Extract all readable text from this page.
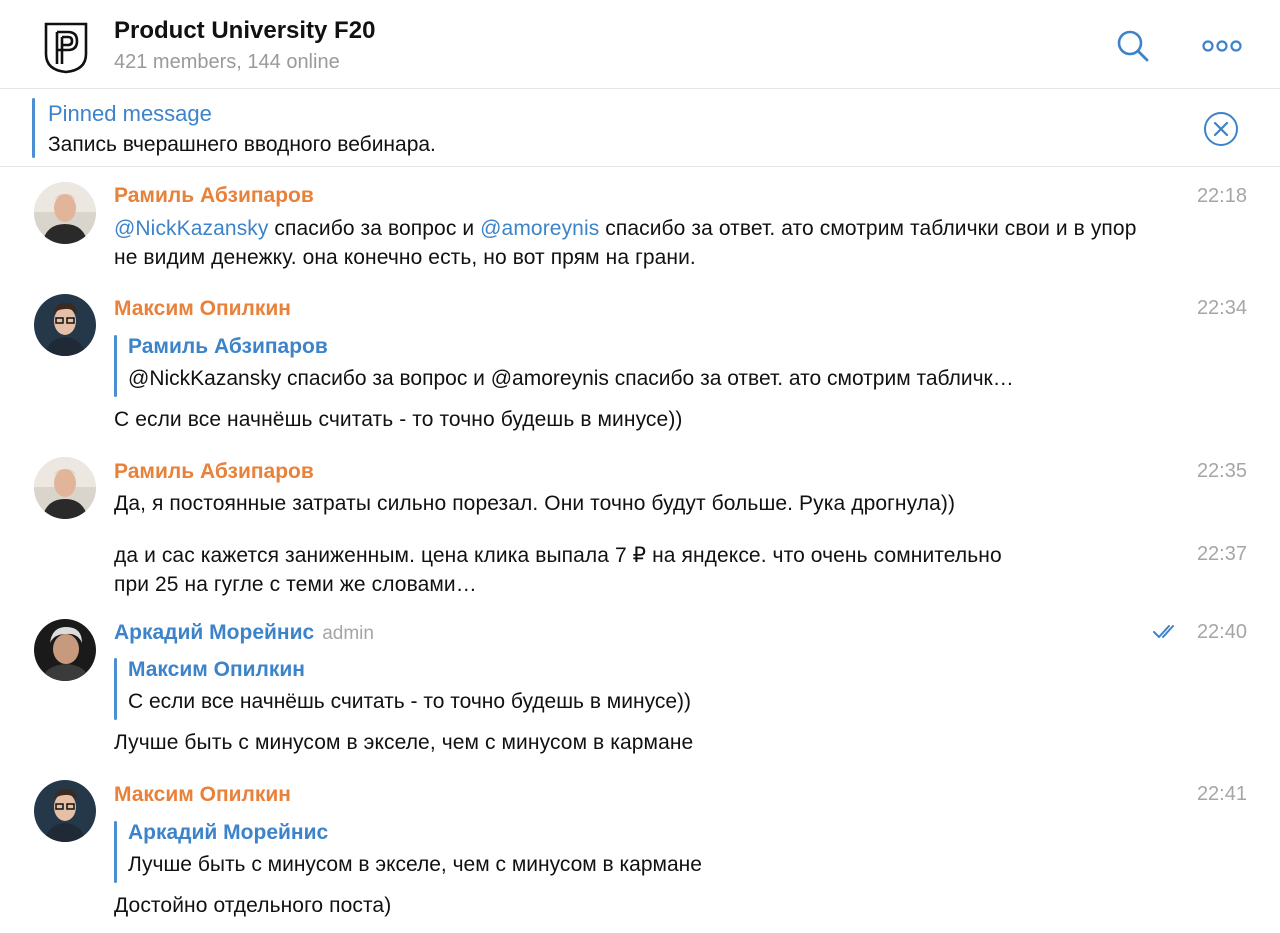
Product University F20
421 members, 144 online
Pinned message
Запись вчерашнего вводного вебинара.
Рамиль Абзипаров	22:18
@NickKazansky спасибо за вопрос и @amoreynis спасибо за ответ. ато смотрим таблички свои и в упор не видим денежку. она конечно есть, но вот прям на грани.
Максим Опилкин	22:34
Рамиль Абзипаров
@NickKazansky спасибо за вопрос и @amoreynis спасибо за ответ. ато смотрим табличк…
С если все начнёшь считать - то точно будешь в минусе))
Рамиль Абзипаров	22:35
Да, я постоянные затраты сильно порезал. Они точно будут больше. Рука дрогнула))
22:37
да и сас кажется заниженным. цена клика выпала 7 ₽ на яндексе. что очень сомнительно при 25 на гугле с теми же словами…
Аркадий Морейнис admin	22:40
Максим Опилкин
С если все начнёшь считать - то точно будешь в минусе))
Лучше быть с минусом в экселе, чем с минусом в кармане
Максим Опилкин	22:41
Аркадий Морейнис
Лучше быть с минусом в экселе, чем с минусом в кармане
Достойно отдельного поста)
